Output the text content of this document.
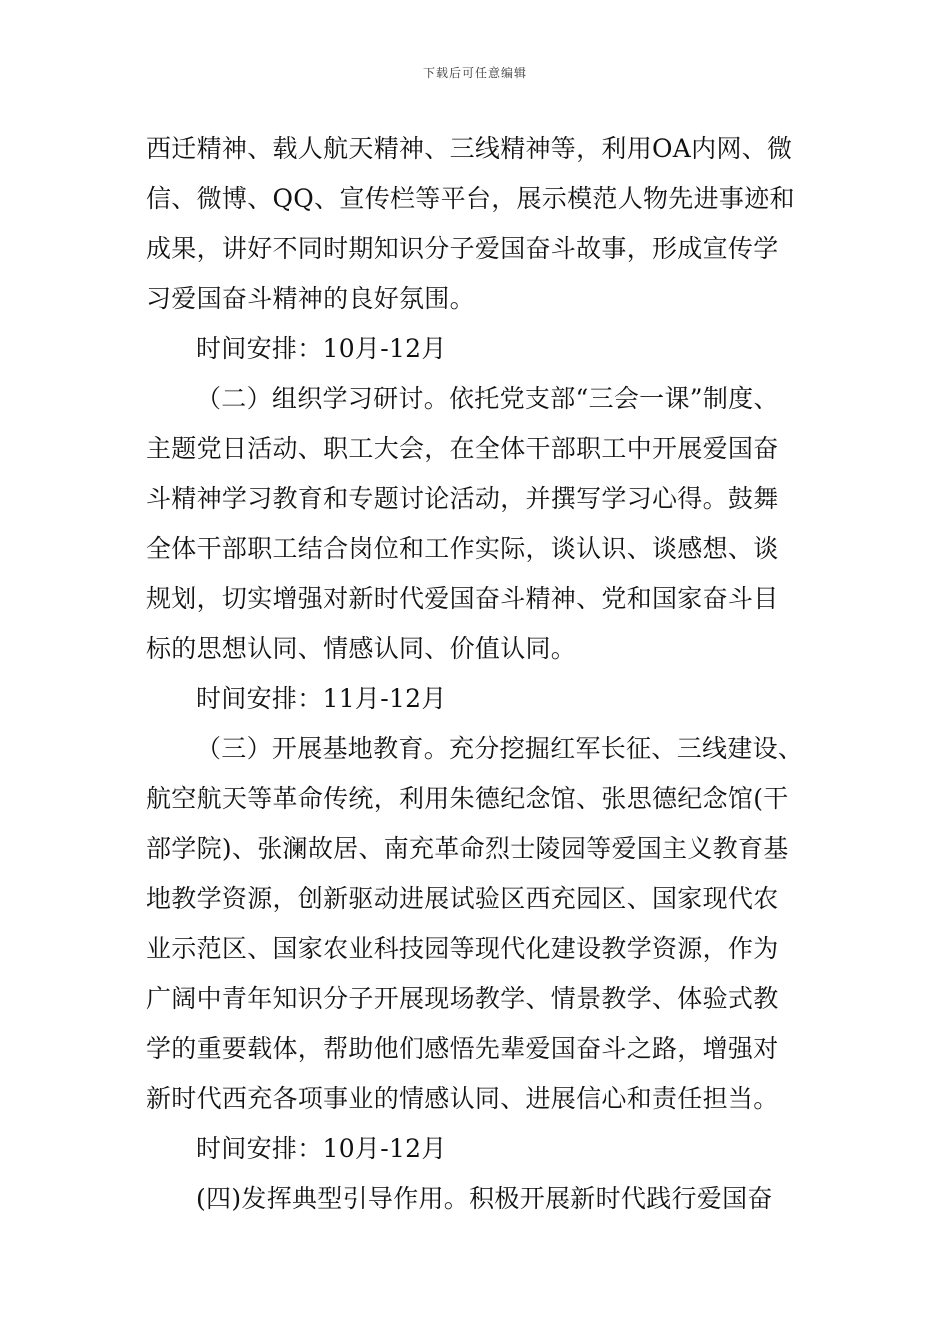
下载后可任意编辑
西迁精神、载人航天精神、三线精神等，利用OA内网、微
信、微博、QQ、宣传栏等平台，展示模范人物先进事迹和
成果，讲好不同时期知识分子爱国奋斗故事，形成宣传学
习爱国奋斗精神的良好氛围。
时间安排：10月-12月
（二）组织学习研讨。依托党支部“三会一课”制度、
主题党日活动、职工大会，在全体干部职工中开展爱国奋
斗精神学习教育和专题讨论活动，并撰写学习心得。鼓舞
全体干部职工结合岗位和工作实际，谈认识、谈感想、谈
规划，切实增强对新时代爱国奋斗精神、党和国家奋斗目
标的思想认同、情感认同、价值认同。
时间安排：11月-12月
（三）开展基地教育。充分挖掘红军长征、三线建设、
航空航天等革命传统，利用朱德纪念馆、张思德纪念馆(干
部学院)、张澜故居、南充革命烈士陵园等爱国主义教育基
地教学资源，创新驱动进展试验区西充园区、国家现代农
业示范区、国家农业科技园等现代化建设教学资源，作为
广阔中青年知识分子开展现场教学、情景教学、体验式教
学的重要载体，帮助他们感悟先辈爱国奋斗之路，增强对
新时代西充各项事业的情感认同、进展信心和责任担当。
时间安排：10月-12月
(四)发挥典型引导作用。积极开展新时代践行爱国奋
